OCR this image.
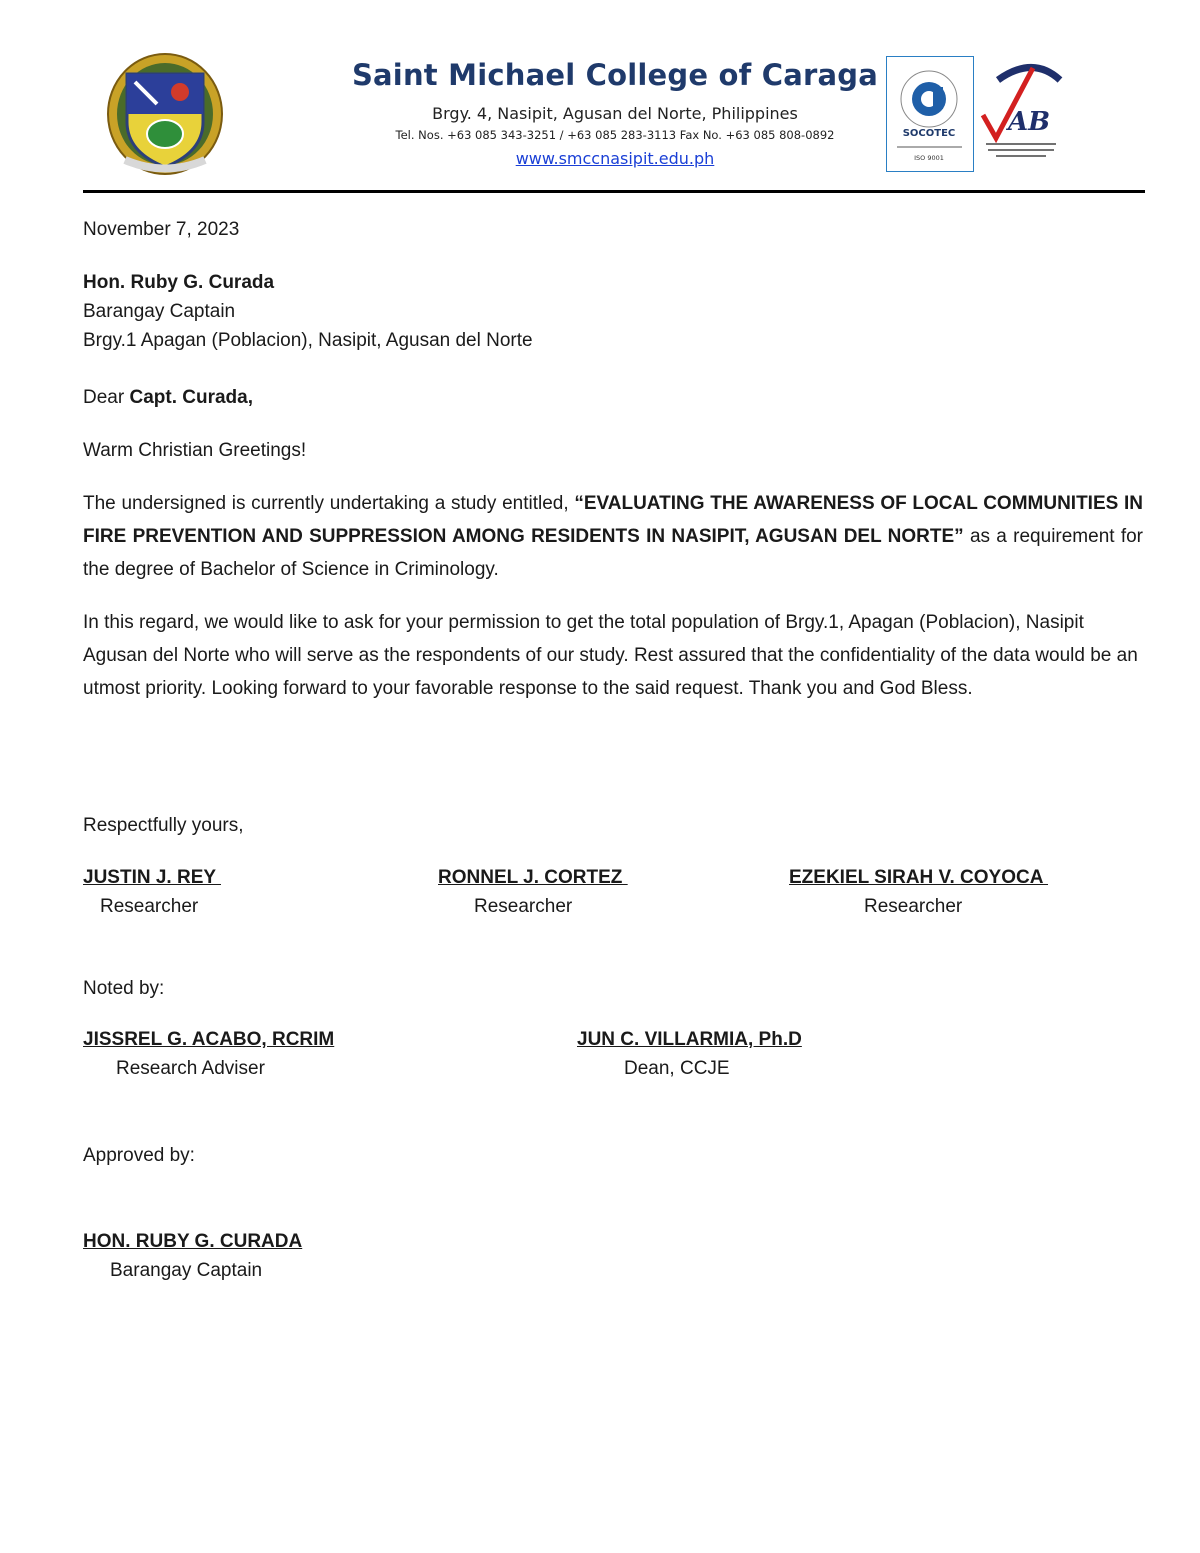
Saint Michael College of Caraga
Brgy. 4, Nasipit, Agusan del Norte, Philippines
Tel. Nos. +63 085 343-3251 / +63 085 283-3113 Fax No. +63 085 808-0892
www.smccnasipit.edu.ph
SOCOTEC
ISO 9001
AB
November 7, 2023
Hon. Ruby G. Curada
Barangay Captain
Brgy.1 Apagan (Poblacion), Nasipit, Agusan del Norte
Dear Capt. Curada,
Warm Christian Greetings!
The undersigned is currently undertaking a study entitled, “EVALUATING THE AWARENESS OF LOCAL COMMUNITIES IN FIRE PREVENTION AND SUPPRESSION AMONG RESIDENTS IN NASIPIT, AGUSAN DEL NORTE” as a requirement for the degree of Bachelor of Science in Criminology.
In this regard, we would like to ask for your permission to get the total population of Brgy.1, Apagan (Poblacion), Nasipit Agusan del Norte who will serve as the respondents of our study. Rest assured that the confidentiality of the data would be an utmost priority. Looking forward to your favorable response to the said request. Thank you and God Bless.
Respectfully yours,
JUSTIN J. REY
Researcher
RONNEL J. CORTEZ
Researcher
EZEKIEL SIRAH V. COYOCA
Researcher
Noted by:
JISSREL G. ACABO, RCRIM
Research Adviser
JUN C. VILLARMIA, Ph.D
Dean, CCJE
Approved by:
HON. RUBY G. CURADA
Barangay Captain
